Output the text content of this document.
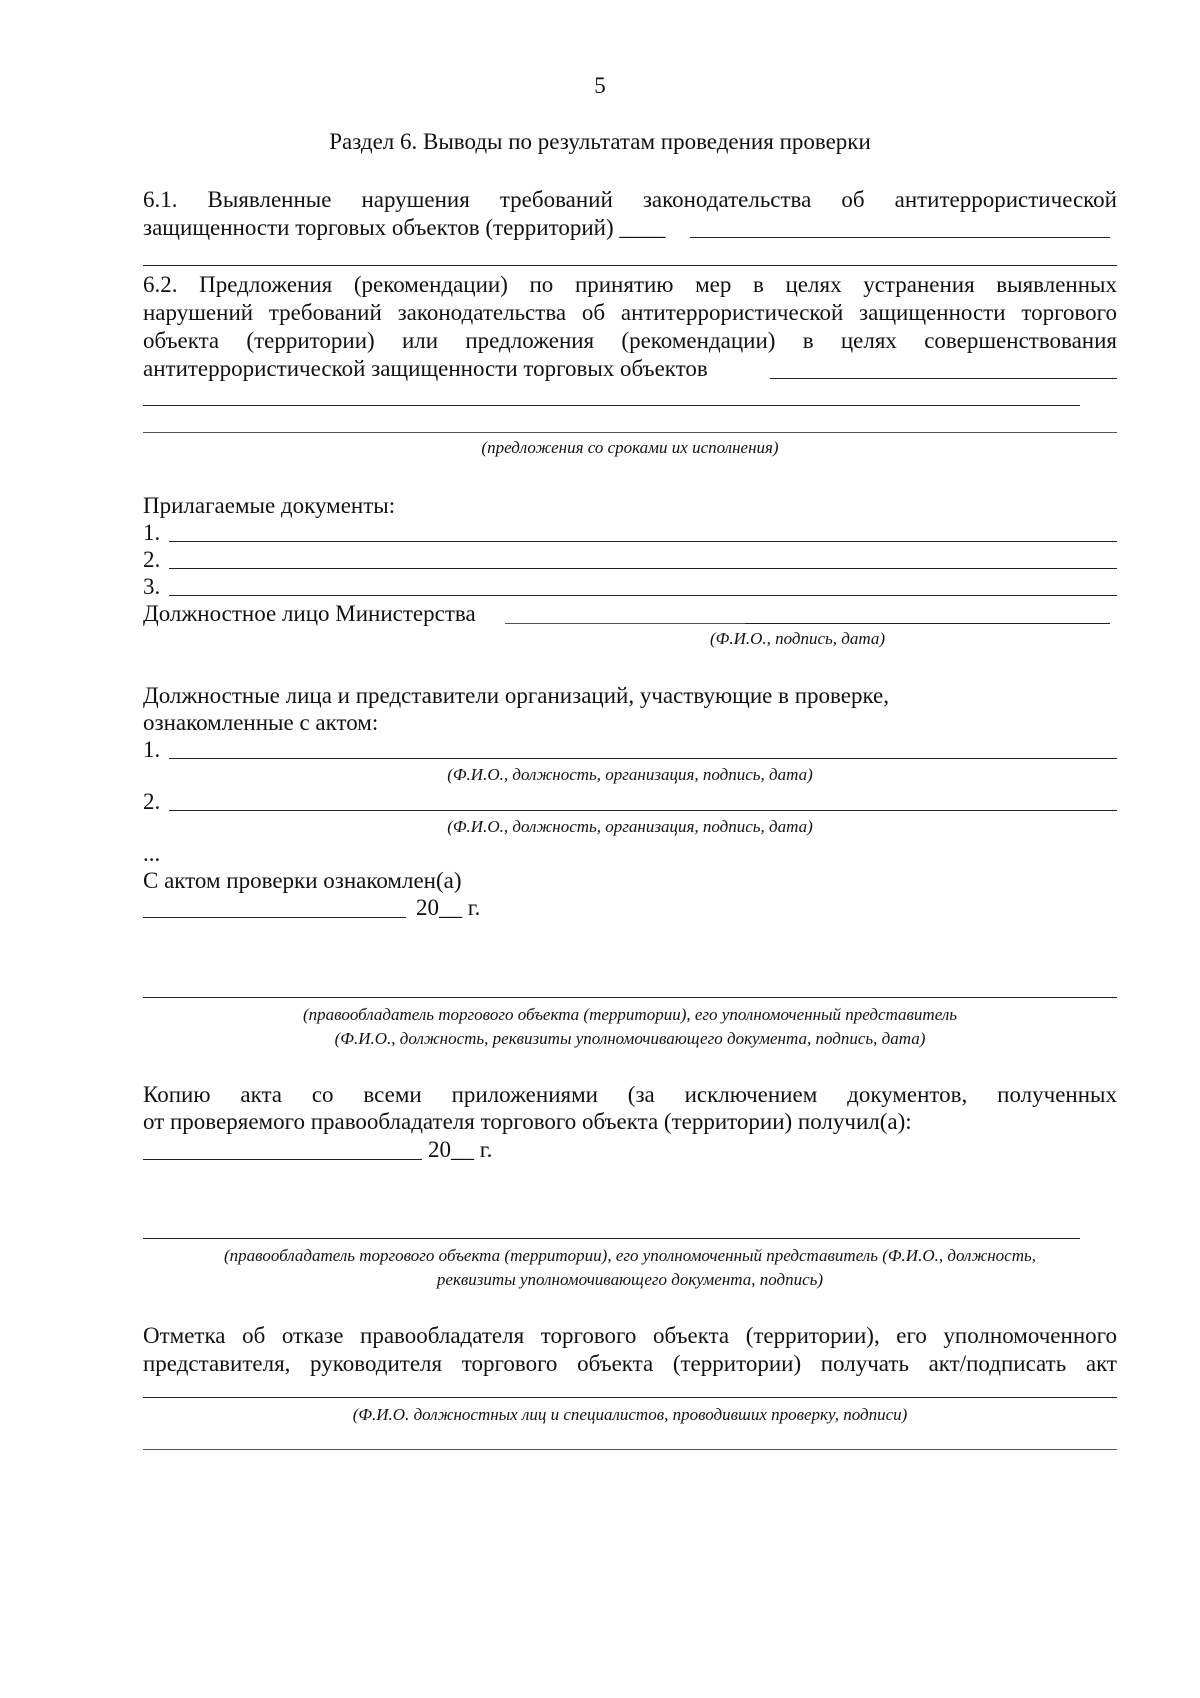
5
Раздел 6. Выводы по результатам проведения проверки
6.1. Выявленные нарушения требований законодательства об антитеррористической
защищенности торговых объектов (территорий) ____
6.2. Предложения (рекомендации) по принятию мер в целях устранения выявленных
нарушений требований законодательства об антитеррористической защищенности торгового
объекта (территории) или предложения (рекомендации) в целях совершенствования
антитеррористической защищенности торговых объектов
(предложения со сроками их исполнения)
Прилагаемые документы:
1.
2.
3.
Должностное лицо Министерства
(Ф.И.О., подпись, дата)
Должностные лица и представители организаций, участвующие в проверке,
ознакомленные с актом:
1.
(Ф.И.О., должность, организация, подпись, дата)
2.
(Ф.И.О., должность, организация, подпись, дата)
...
С актом проверки ознакомлен(а)
20__ г.
(правообладатель торгового объекта (территории), его уполномоченный представитель
(Ф.И.О., должность, реквизиты уполномочивающего документа, подпись, дата)
Копию акта со всеми приложениями (за исключением документов, полученных
от проверяемого правообладателя торгового объекта (территории) получил(а):
20__ г.
(правообладатель торгового объекта (территории), его уполномоченный представитель (Ф.И.О., должность,
реквизиты уполномочивающего документа, подпись)
Отметка об отказе правообладателя торгового объекта (территории), его уполномоченного
представителя, руководителя торгового объекта (территории) получать акт/подписать акт
(Ф.И.О. должностных лиц и специалистов, проводивших проверку, подписи)
